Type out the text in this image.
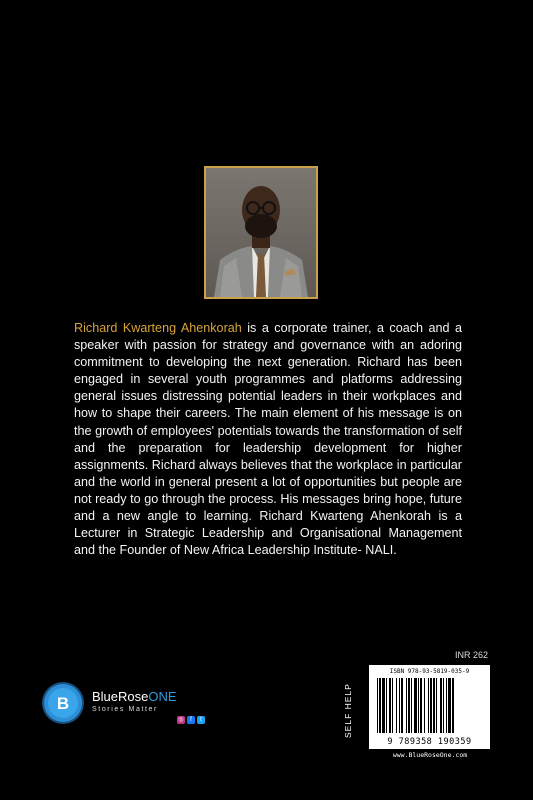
Richard Kwarteng Ahenkorah is a corporate trainer, a coach and a speaker with passion for strategy and governance with an adoring commitment to developing the next generation. Richard has been engaged in several youth programmes and platforms addressing general issues distressing potential leaders in their workplaces and how to shape their careers. The main element of his message is on the growth of employees' potentials towards the transformation of self and the preparation for leadership development for higher assignments. Richard always believes that the workplace in particular and the world in general present a lot of opportunities but people are not ready to go through the process. His messages bring hope, future and a new angle to learning. Richard Kwarteng Ahenkorah is a Lecturer in Strategic Leadership and Organisational Management and the Founder of New Africa Leadership Institute- NALI.
INR 262
SELF HELP
ISBN 978-93-5819-035-9
9 789358 190359
www.BlueRoseOne.com
B BlueRoseONE
Stories Matter
◎	f	t
